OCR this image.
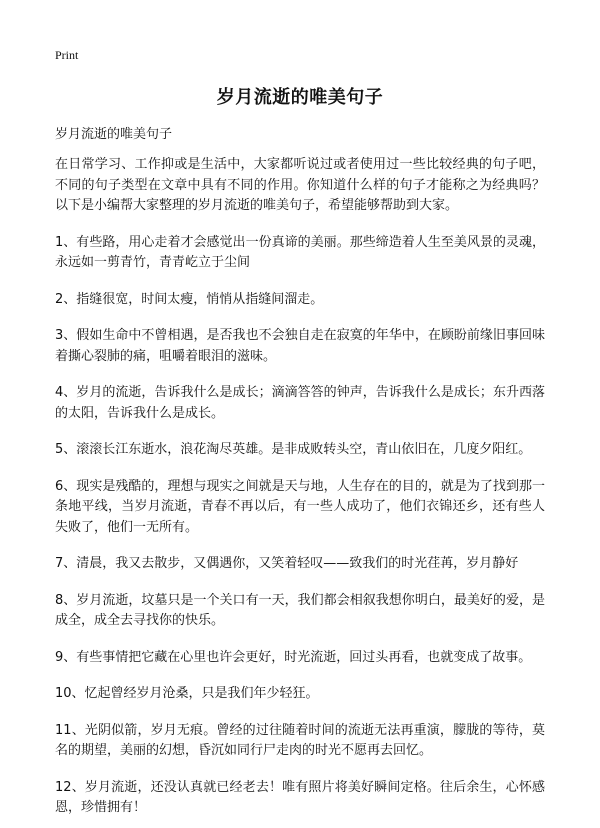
Print
岁月流逝的唯美句子

岁月流逝的唯美句子

在日常学习、工作抑或是生活中，大家都听说过或者使用过一些比较经典的句子吧，不同的句子类型在文章中具有不同的作用。你知道什么样的句子才能称之为经典吗？以下是小编帮大家整理的岁月流逝的唯美句子，希望能够帮助到大家。

1、有些路，用心走着才会感觉出一份真谛的美丽。那些缔造着人生至美风景的灵魂，永远如一剪青竹，青青屹立于尘间

2、指缝很宽，时间太瘦，悄悄从指缝间溜走。

3、假如生命中不曾相遇，是否我也不会独自走在寂寞的年华中，在顾盼前缘旧事回味着撕心裂肺的痛，咀嚼着眼泪的滋味。

4、岁月的流逝，告诉我什么是成长；滴滴答答的钟声，告诉我什么是成长；东升西落的太阳，告诉我什么是成长。

5、滚滚长江东逝水，浪花淘尽英雄。是非成败转头空，青山依旧在，几度夕阳红。

6、现实是残酷的，理想与现实之间就是天与地，人生存在的目的，就是为了找到那一条地平线，当岁月流逝，青春不再以后，有一些人成功了，他们衣锦还乡，还有些人失败了，他们一无所有。

7、清晨，我又去散步，又偶遇你，又笑着轻叹——致我们的时光荏苒，岁月静好

8、岁月流逝，坟墓只是一个关口有一天，我们都会相叙我想你明白，最美好的爱，是成全，成全去寻找你的快乐。

9、有些事情把它藏在心里也许会更好，时光流逝，回过头再看，也就变成了故事。

10、忆起曾经岁月沧桑，只是我们年少轻狂。

11、光阴似箭，岁月无痕。曾经的过往随着时间的流逝无法再重演，朦胧的等待，莫名的期望，美丽的幻想，昏沉如同行尸走肉的时光不愿再去回忆。

12、岁月流逝，还没认真就已经老去！唯有照片将美好瞬间定格。往后余生，心怀感恩，珍惜拥有！
